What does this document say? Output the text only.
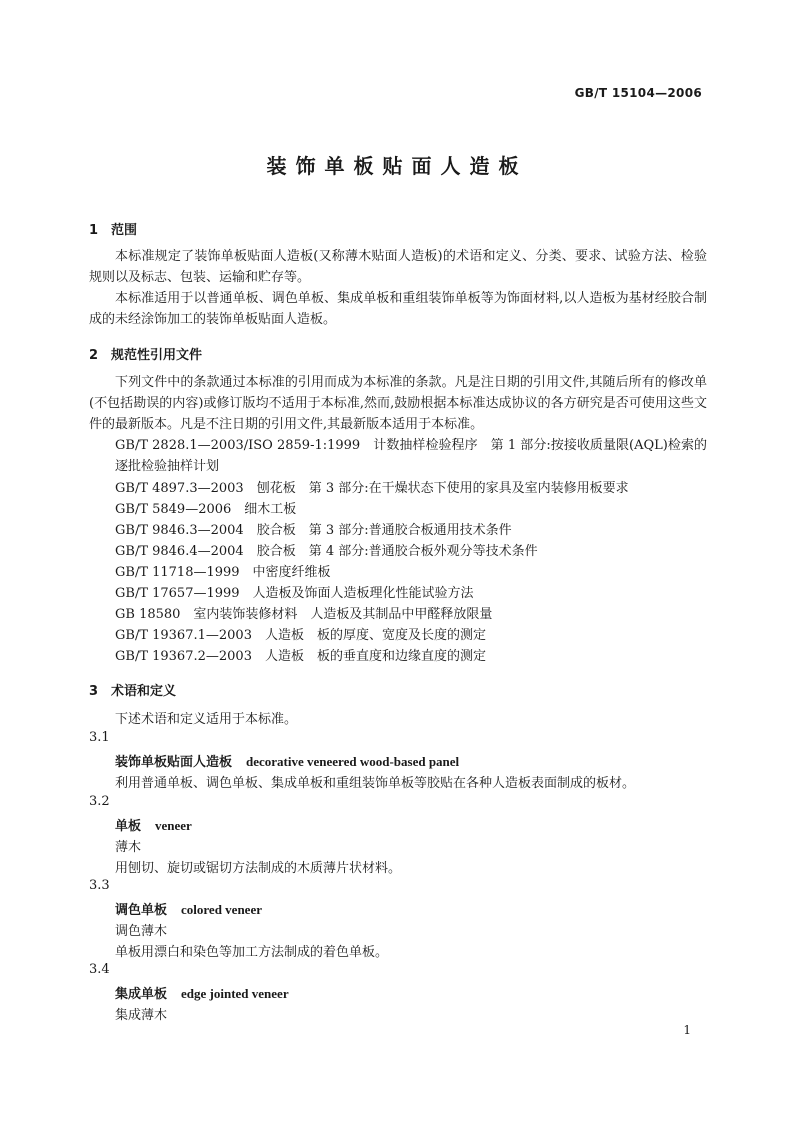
GB/T 15104—2006
装饰单板贴面人造板
1 范围
本标准规定了装饰单板贴面人造板(又称薄木贴面人造板)的术语和定义、分类、要求、试验方法、检验规则以及标志、包装、运输和贮存等。
本标准适用于以普通单板、调色单板、集成单板和重组装饰单板等为饰面材料,以人造板为基材经胶合制成的未经涂饰加工的装饰单板贴面人造板。
2 规范性引用文件
下列文件中的条款通过本标准的引用而成为本标准的条款。凡是注日期的引用文件,其随后所有的修改单(不包括勘误的内容)或修订版均不适用于本标准,然而,鼓励根据本标准达成协议的各方研究是否可使用这些文件的最新版本。凡是不注日期的引用文件,其最新版本适用于本标准。
GB/T 2828.1—2003/ISO 2859-1:1999　计数抽样检验程序　第 1 部分:按接收质量限(AQL)检索的逐批检验抽样计划
GB/T 4897.3—2003　刨花板　第 3 部分:在干燥状态下使用的家具及室内装修用板要求
GB/T 5849—2006　细木工板
GB/T 9846.3—2004　胶合板　第 3 部分:普通胶合板通用技术条件
GB/T 9846.4—2004　胶合板　第 4 部分:普通胶合板外观分等技术条件
GB/T 11718—1999　中密度纤维板
GB/T 17657—1999　人造板及饰面人造板理化性能试验方法
GB 18580　室内装饰装修材料　人造板及其制品中甲醛释放限量
GB/T 19367.1—2003　人造板　板的厚度、宽度及长度的测定
GB/T 19367.2—2003　人造板　板的垂直度和边缘直度的测定
3 术语和定义
下述术语和定义适用于本标准。
3.1
装饰单板贴面人造板 decorative veneered wood-based panel
利用普通单板、调色单板、集成单板和重组装饰单板等胶贴在各种人造板表面制成的板材。
3.2
单板 veneer
薄木
用刨切、旋切或锯切方法制成的木质薄片状材料。
3.3
调色单板 colored veneer
调色薄木
单板用漂白和染色等加工方法制成的着色单板。
3.4
集成单板 edge jointed veneer
集成薄木
1
